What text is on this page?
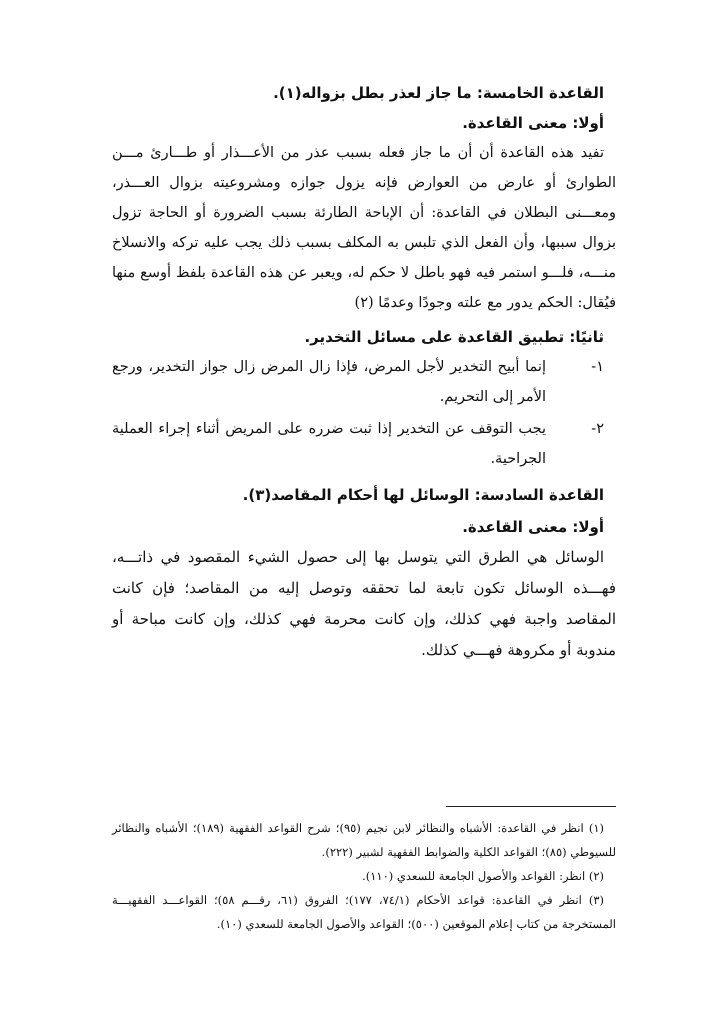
القاعدة الخامسة: ما جاز لعذر بطل بزواله(١).

أولا: معنى القاعدة.

تفيد هذه القاعدة أن أن ما جاز فعله بسبب عذر من الأعـــذار أو طـــارئ مـــن الطوارئ أو عارض من العوارض فإنه يزول جوازه ومشروعيته بزوال العـــذر، ومعـــنى البطلان في القاعدة: أن الإباحة الطارئة بسبب الضرورة أو الحاجة تزول بزوال سببها، وأن الفعل الذي تلبس به المكلف بسبب ذلك يجب عليه تركه والانسلاخ منـــه، فلـــو استمر فيه فهو باطل لا حكم له، ويعبر عن هذه القاعدة بلفظ أوسع منها فيُقال: الحكم يدور مع علته وجودًا وعدمًا (٢)

ثانيًا: تطبيق القاعدة على مسائل التخدير.

١-
إنما أبيح التخدير لأجل المرض، فإذا زال المرض زال جواز التخدير، ورجع الأمر إلى التحريم.
٢-
يجب التوقف عن التخدير إذا ثبت ضرره على المريض أثناء إجراء العملية الجراحية.

القاعدة السادسة: الوسائل لها أحكام المقاصد(٣).

أولا: معنى القاعدة.

الوسائل هي الطرق التي يتوسل بها إلى حصول الشيء المقصود في ذاتـــه، فهـــذه الوسائل تكون تابعة لما تحققه وتوصل إليه من المقاصد؛ فإن كانت المقاصد واجبة فهي كذلك، وإن كانت محرمة فهي كذلك، وإن كانت مباحة أو مندوبة أو مكروهة فهـــي كذلك.

(١) انظر في القاعدة: الأشباه والنظائر لابن نجيم (٩٥)؛ شرح القواعد الفقهية (١٨٩)؛ الأشباه والنظائر للسيوطي (٨٥)؛ القواعد الكلية والضوابط الفقهية لشبير (٢٢٢).

(٢) انظر: القواعد والأصول الجامعة للسعدي (١١٠).

(٣) انظر في القاعدة: قواعد الأحكام (٧٤/١، ١٧٧)؛ الفروق (٦١، رقـــم ٥٨)؛ القواعـــد الفقهيـــة المستخرجة من كتاب إعلام الموقعين (٥٠٠)؛ القواعد والأصول الجامعة للسعدي (١٠).
